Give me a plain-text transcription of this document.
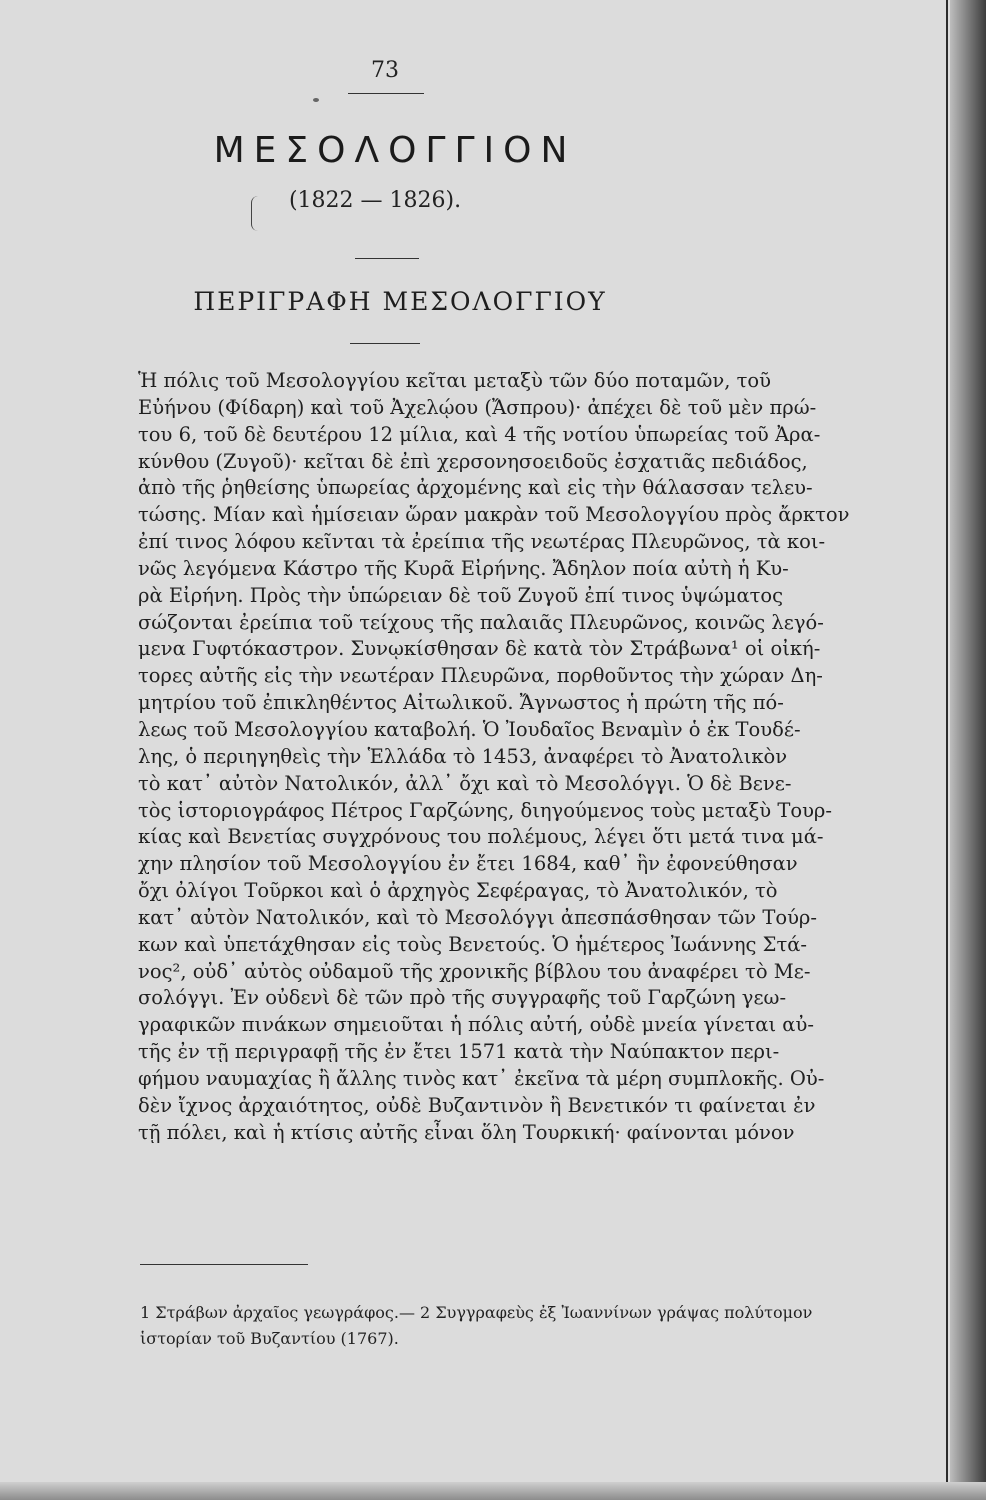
73
ΜΕΣΟΛΟΓΓΙΟΝ
(1822 — 1826).
ΠΕΡΙΓΡΑΦΗ ΜΕΣΟΛΟΓΓΙΟΥ
Ἡ πόλις τοῦ Μεσολογγίου κεῖται μεταξὺ τῶν δύο ποταμῶν, τοῦ
Εὐήνου (Φίδαρη) καὶ τοῦ Ἀχελῴου (Ἄσπρου)· ἀπέχει δὲ τοῦ μὲν πρώ-
του 6, τοῦ δὲ δευτέρου 12 μίλια, καὶ 4 τῆς νοτίου ὑπωρείας τοῦ Ἀρα-
κύνθου (Ζυγοῦ)· κεῖται δὲ ἐπὶ χερσονησοειδοῦς ἐσχατιᾶς πεδιάδος,
ἀπὸ τῆς ῥηθείσης ὑπωρείας ἀρχομένης καὶ εἰς τὴν θάλασσαν τελευ-
τώσης. Μίαν καὶ ἡμίσειαν ὥραν μακρὰν τοῦ Μεσολογγίου πρὸς ἄρκτον
ἐπί τινος λόφου κεῖνται τὰ ἐρείπια τῆς νεωτέρας Πλευρῶνος, τὰ κοι-
νῶς λεγόμενα Κάστρο τῆς Κυρᾶ Εἰρήνης. Ἄδηλον ποία αὐτὴ ἡ Κυ-
ρὰ Εἰρήνη. Πρὸς τὴν ὑπώρειαν δὲ τοῦ Ζυγοῦ ἐπί τινος ὑψώματος
σώζονται ἐρείπια τοῦ τείχους τῆς παλαιᾶς Πλευρῶνος, κοινῶς λεγό-
μενα Γυφτόκαστρον. Συνῳκίσθησαν δὲ κατὰ τὸν Στράβωνα¹ οἱ οἰκή-
τορες αὐτῆς εἰς τὴν νεωτέραν Πλευρῶνα, πορθοῦντος τὴν χώραν Δη-
μητρίου τοῦ ἐπικληθέντος Αἰτωλικοῦ. Ἄγνωστος ἡ πρώτη τῆς πό-
λεως τοῦ Μεσολογγίου καταβολή. Ὁ Ἰουδαῖος Βεναμὶν ὁ ἐκ Τουδέ-
λης, ὁ περιηγηθεὶς τὴν Ἑλλάδα τὸ 1453, ἀναφέρει τὸ Ἀνατολικὸν
τὸ κατ᾽ αὐτὸν Νατολικόν, ἀλλ᾽ ὄχι καὶ τὸ Μεσολόγγι. Ὁ δὲ Βενε-
τὸς ἱστοριογράφος Πέτρος Γαρζώνης, διηγούμενος τοὺς μεταξὺ Τουρ-
κίας καὶ Βενετίας συγχρόνους του πολέμους, λέγει ὅτι μετά τινα μά-
χην πλησίον τοῦ Μεσολογγίου ἐν ἔτει 1684, καθ᾽ ἣν ἐφονεύθησαν
ὄχι ὀλίγοι Τοῦρκοι καὶ ὁ ἀρχηγὸς Σεφέραγας, τὸ Ἀνατολικόν, τὸ
κατ᾽ αὐτὸν Νατολικόν, καὶ τὸ Μεσολόγγι ἀπεσπάσθησαν τῶν Τούρ-
κων καὶ ὑπετάχθησαν εἰς τοὺς Βενετούς. Ὁ ἡμέτερος Ἰωάννης Στά-
νος², οὐδ᾽ αὐτὸς οὐδαμοῦ τῆς χρονικῆς βίβλου του ἀναφέρει τὸ Με-
σολόγγι. Ἐν οὐδενὶ δὲ τῶν πρὸ τῆς συγγραφῆς τοῦ Γαρζώνη γεω-
γραφικῶν πινάκων σημειοῦται ἡ πόλις αὐτή, οὐδὲ μνεία γίνεται αὐ-
τῆς ἐν τῇ περιγραφῇ τῆς ἐν ἔτει 1571 κατὰ τὴν Ναύπακτον περι-
φήμου ναυμαχίας ἢ ἄλλης τινὸς κατ᾽ ἐκεῖνα τὰ μέρη συμπλοκῆς. Οὐ-
δὲν ἴχνος ἀρχαιότητος, οὐδὲ Βυζαντινὸν ἢ Βενετικόν τι φαίνεται ἐν
τῇ πόλει, καὶ ἡ κτίσις αὐτῆς εἶναι ὅλη Τουρκική· φαίνονται μόνον
1 Στράβων ἀρχαῖος γεωγράφος.— 2 Συγγραφεὺς ἐξ Ἰωαννίνων γράψας πολύτομον
ἱστορίαν τοῦ Βυζαντίου (1767).
